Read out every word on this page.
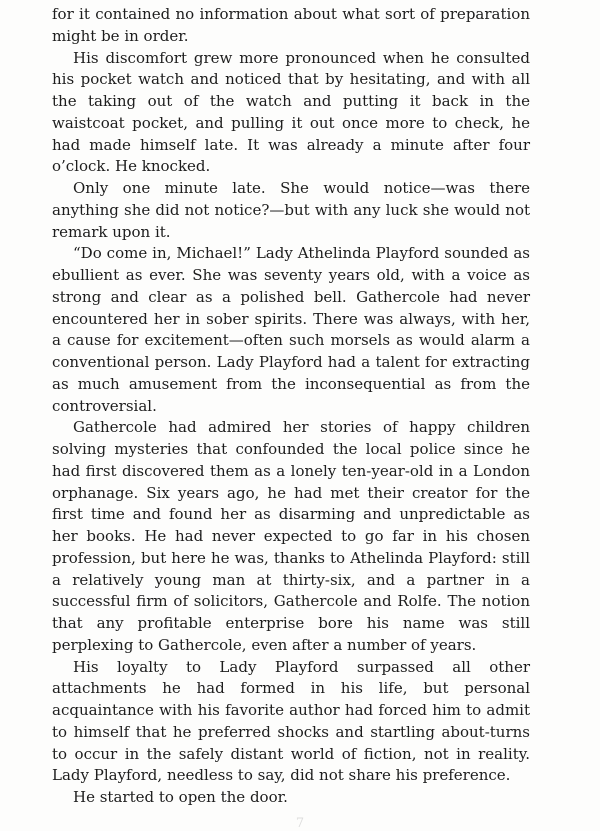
for it contained no information about what sort of preparation might be in order.

His discomfort grew more pronounced when he consulted his pocket watch and noticed that by hesitating, and with all the taking out of the watch and putting it back in the waistcoat pocket, and pulling it out once more to check, he had made himself late. It was already a minute after four o’clock. He knocked.

Only one minute late. She would notice—was there anything she did not notice?—but with any luck she would not remark upon it.

“Do come in, Michael!” Lady Athelinda Playford sounded as ebullient as ever. She was seventy years old, with a voice as strong and clear as a polished bell. Gathercole had never encountered her in sober spirits. There was always, with her, a cause for excitement—often such morsels as would alarm a conventional person. Lady Playford had a talent for extracting as much amusement from the inconsequential as from the controversial.

Gathercole had admired her stories of happy children solving mysteries that confounded the local police since he had first discovered them as a lonely ten-year-old in a London orphanage. Six years ago, he had met their creator for the first time and found her as disarming and unpredictable as her books. He had never expected to go far in his chosen profession, but here he was, thanks to Athelinda Playford: still a relatively young man at thirty-six, and a partner in a successful firm of solicitors, Gathercole and Rolfe. The notion that any profitable enterprise bore his name was still perplexing to Gathercole, even after a number of years.

His loyalty to Lady Playford surpassed all other attachments he had formed in his life, but personal acquaintance with his favorite author had forced him to admit to himself that he preferred shocks and startling about-turns to occur in the safely distant world of fiction, not in reality. Lady Playford, needless to say, did not share his preference.

He started to open the door.

7
